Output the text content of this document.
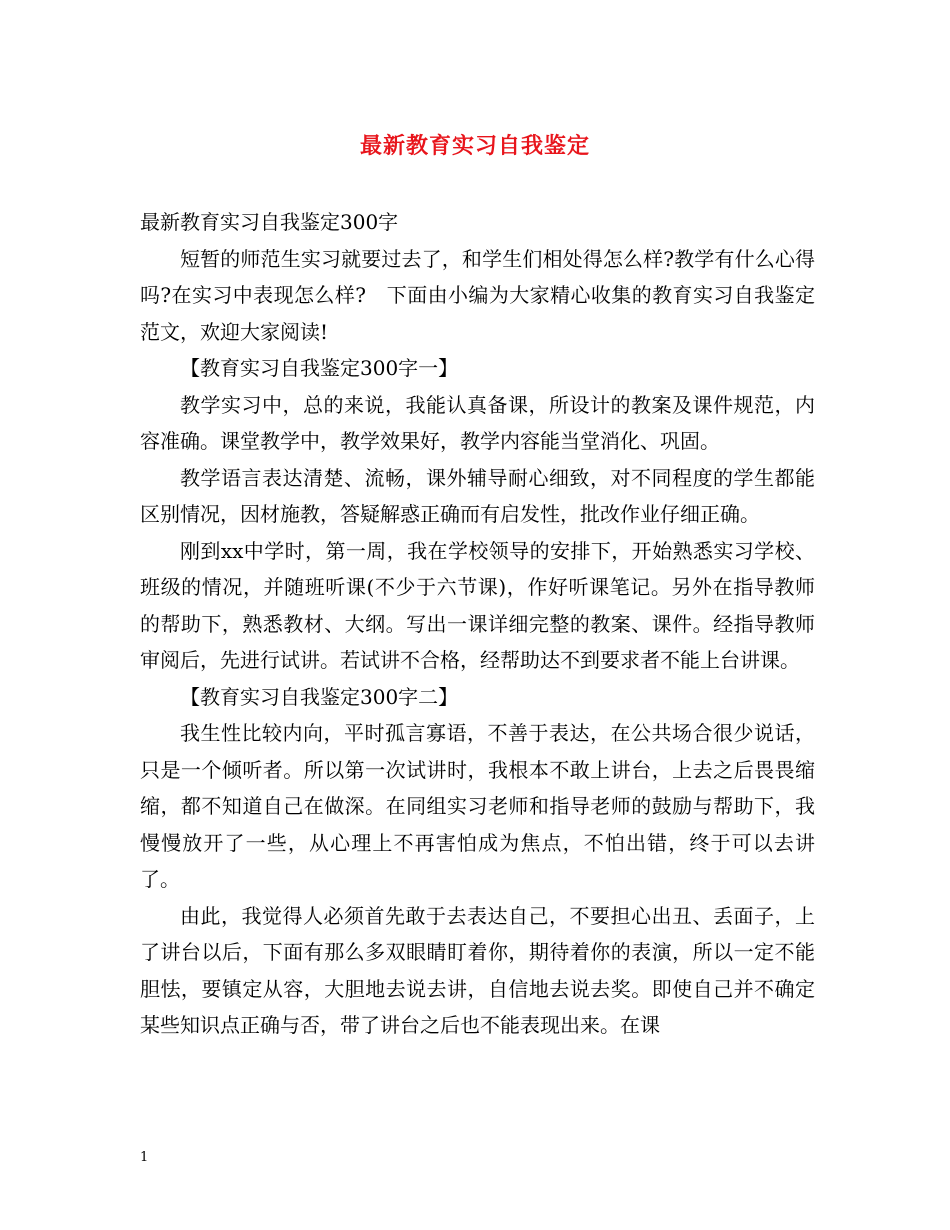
最新教育实习自我鉴定

最新教育实习自我鉴定300字

短暂的师范生实习就要过去了，和学生们相处得怎么样?教学有什么心得吗?在实习中表现怎么样?　下面由小编为大家精心收集的教育实习自我鉴定范文，欢迎大家阅读!

【教育实习自我鉴定300字一】

教学实习中，总的来说，我能认真备课，所设计的教案及课件规范，内容准确。课堂教学中，教学效果好，教学内容能当堂消化、巩固。

教学语言表达清楚、流畅，课外辅导耐心细致，对不同程度的学生都能区别情况，因材施教，答疑解惑正确而有启发性，批改作业仔细正确。

刚到xx中学时，第一周，我在学校领导的安排下，开始熟悉实习学校、班级的情况，并随班听课(不少于六节课)，作好听课笔记。另外在指导教师的帮助下，熟悉教材、大纲。写出一课详细完整的教案、课件。经指导教师审阅后，先进行试讲。若试讲不合格，经帮助达不到要求者不能上台讲课。

【教育实习自我鉴定300字二】

我生性比较内向，平时孤言寡语，不善于表达，在公共场合很少说话，只是一个倾听者。所以第一次试讲时，我根本不敢上讲台，上去之后畏畏缩缩，都不知道自己在做深。在同组实习老师和指导老师的鼓励与帮助下，我慢慢放开了一些，从心理上不再害怕成为焦点，不怕出错，终于可以去讲了。

由此，我觉得人必须首先敢于去表达自己，不要担心出丑、丢面子，上了讲台以后，下面有那么多双眼睛盯着你，期待着你的表演，所以一定不能胆怯，要镇定从容，大胆地去说去讲，自信地去说去奖。即使自己并不确定某些知识点正确与否，带了讲台之后也不能表现出来。在课

1
